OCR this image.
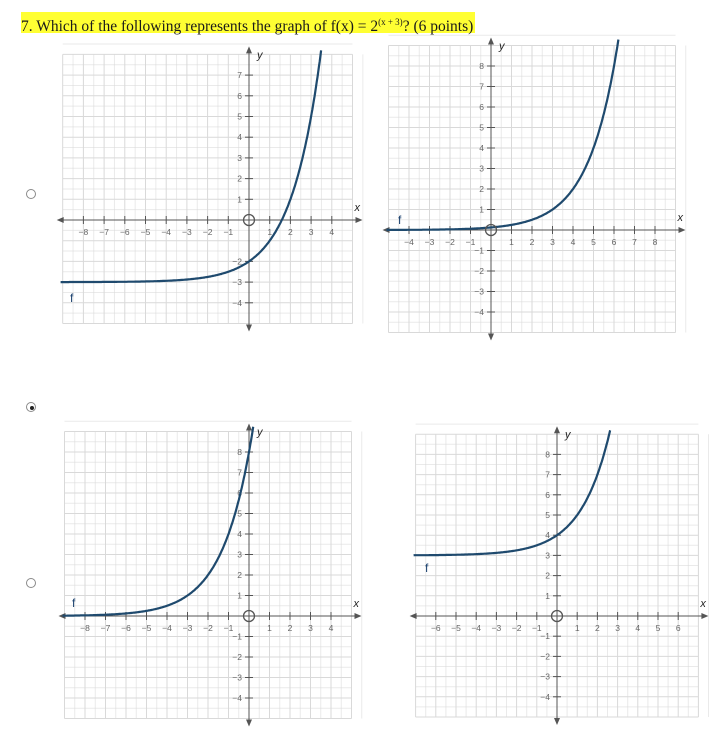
7. Which of the following represents the graph of $f(x) = 2^{(x + 3)}$? (6 points)
−8 −7 −6 −5 −4 −3 −2 −1	1 2 3 4
−4
−3
−2
1
2
3
4
5
6
7
x
y
f
−4 −3 −2 −1	1 2 3 4 5 6 7 8
−1
−2
−3
−4
1
2
3
4
5
6
7
8
x
y
f
−8 −7 −6 −5 −4 −3 −2 −1	1 2 3 4
−1
−2
−3
−4
1
2
3
4
5
6
7
8
x
y
f
−6 −5 −4 −3 −2 −1	1 2 3 4 5 6
−1
−2
−3
−4
1
2
3
4
5
6
7
8
x
y
f
